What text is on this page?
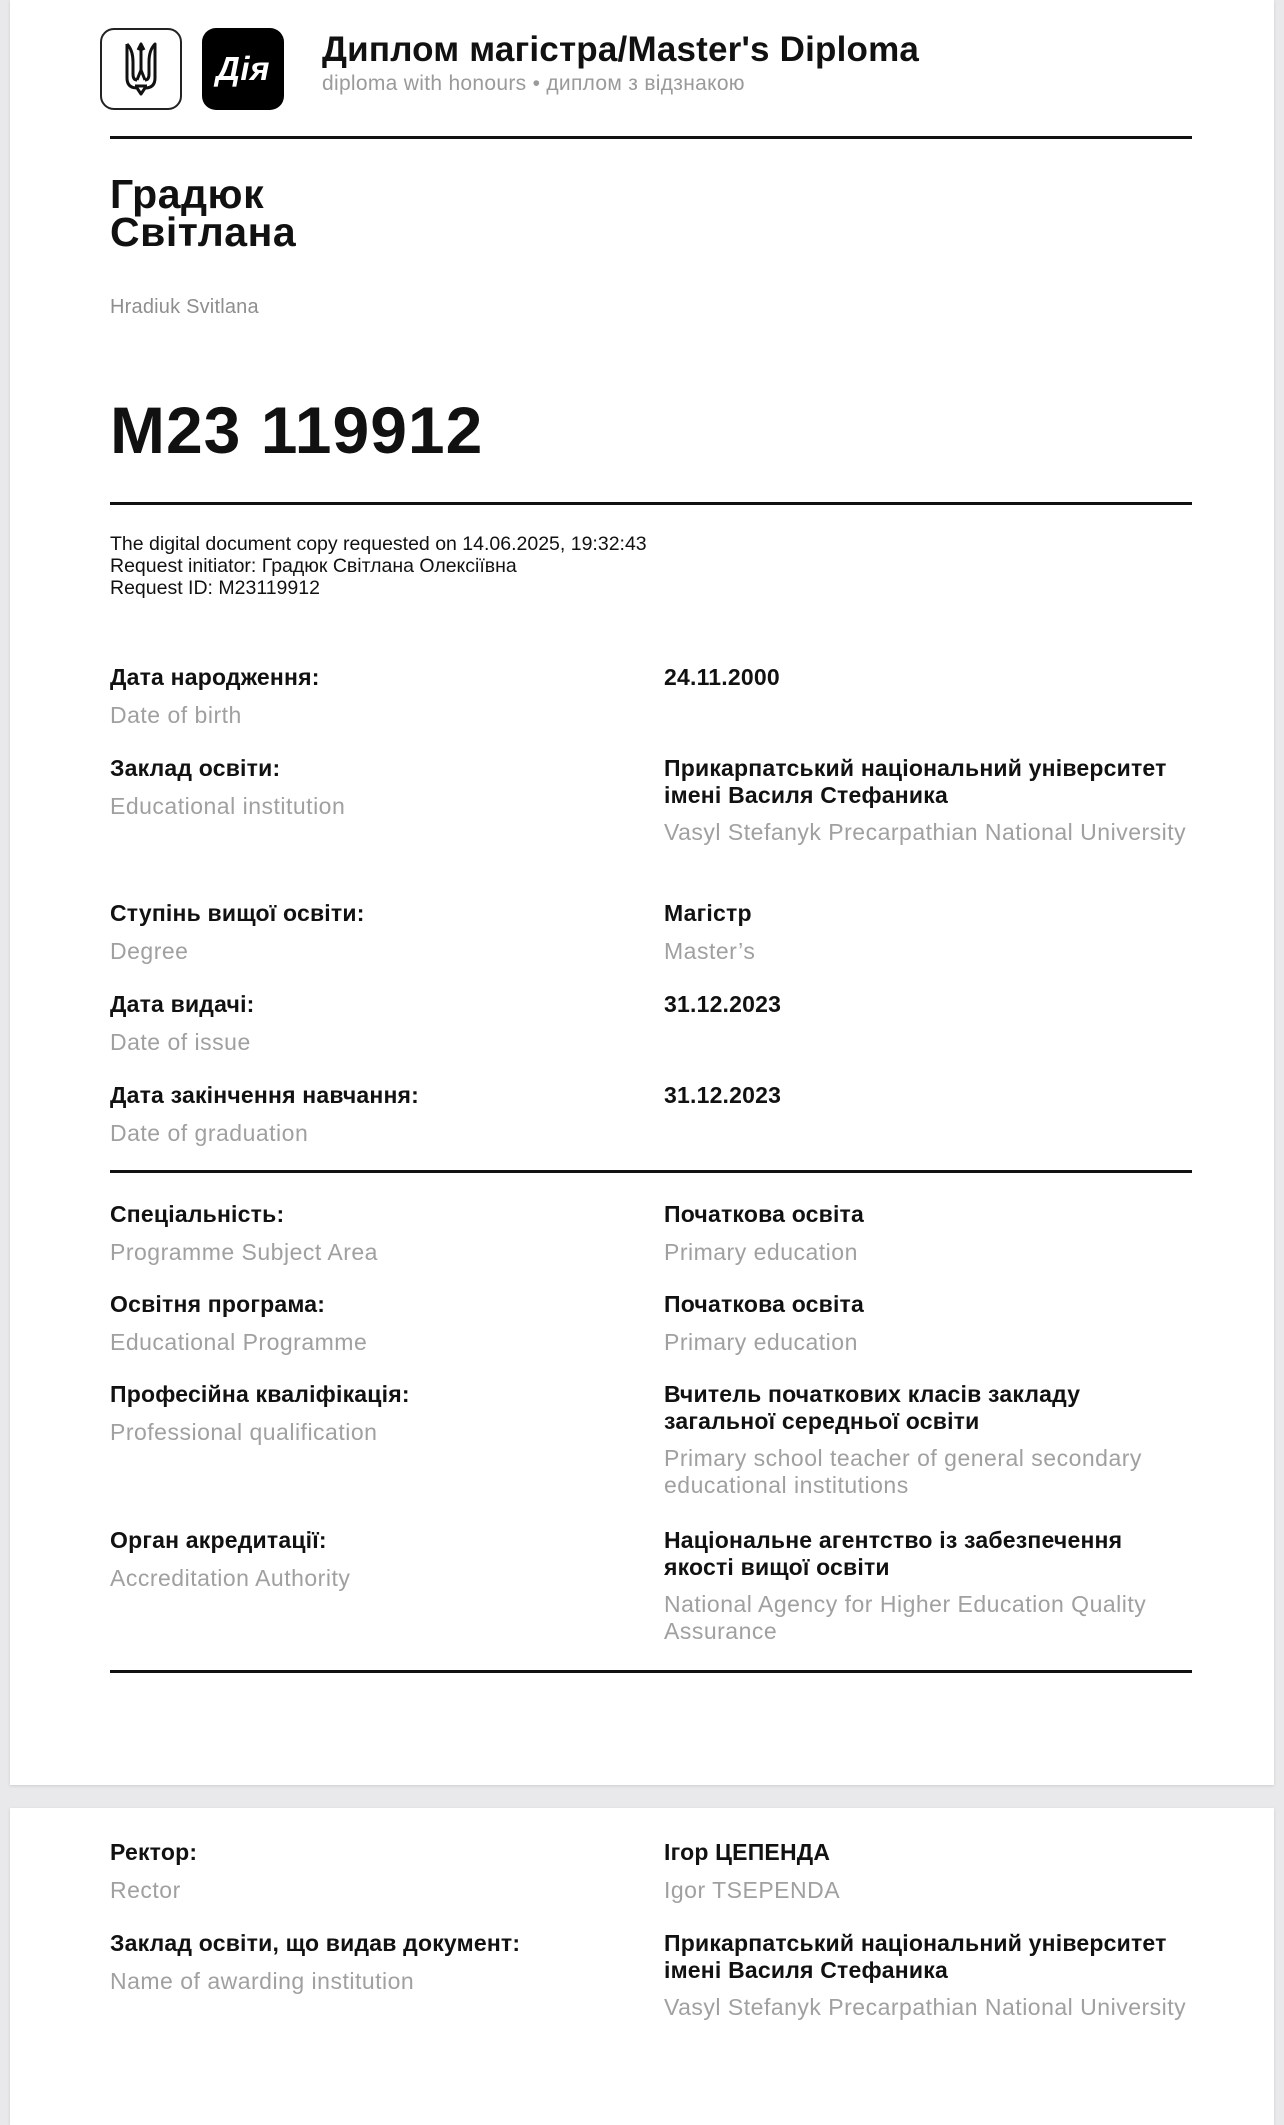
Дія	Диплом магістра/Master's Diploma
diploma with honours • диплом з відзнакою
Градюк
Світлана
Hradiuk Svitlana
M23 119912
The digital document copy requested on 14.06.2025, 19:32:43
Request initiator: Градюк Світлана Олексіївна
Request ID: M23119912
Дата народження:
Date of birth
24.11.2000
Заклад освіти:
Educational institution
Прикарпатський національний університет імені Василя Стефаника
Vasyl Stefanyk Precarpathian National University
Ступінь вищої освіти:
Degree
Магістр
Master’s
Дата видачі:
Date of issue
31.12.2023
Дата закінчення навчання:
Date of graduation
31.12.2023
Спеціальність:
Programme Subject Area
Початкова освіта
Primary education
Освітня програма:
Educational Programme
Початкова освіта
Primary education
Професійна кваліфікація:
Professional qualification
Вчитель початкових класів закладу загальної середньої освіти
Primary school teacher of general secondary educational institutions
Орган акредитації:
Accreditation Authority
Національне агентство із забезпечення якості вищої освіти
National Agency for Higher Education Quality Assurance
Ректор:
Rector
Ігор ЦЕПЕНДА
Igor TSEPENDA
Заклад освіти, що видав документ:
Name of awarding institution
Прикарпатський національний університет імені Василя Стефаника
Vasyl Stefanyk Precarpathian National University
